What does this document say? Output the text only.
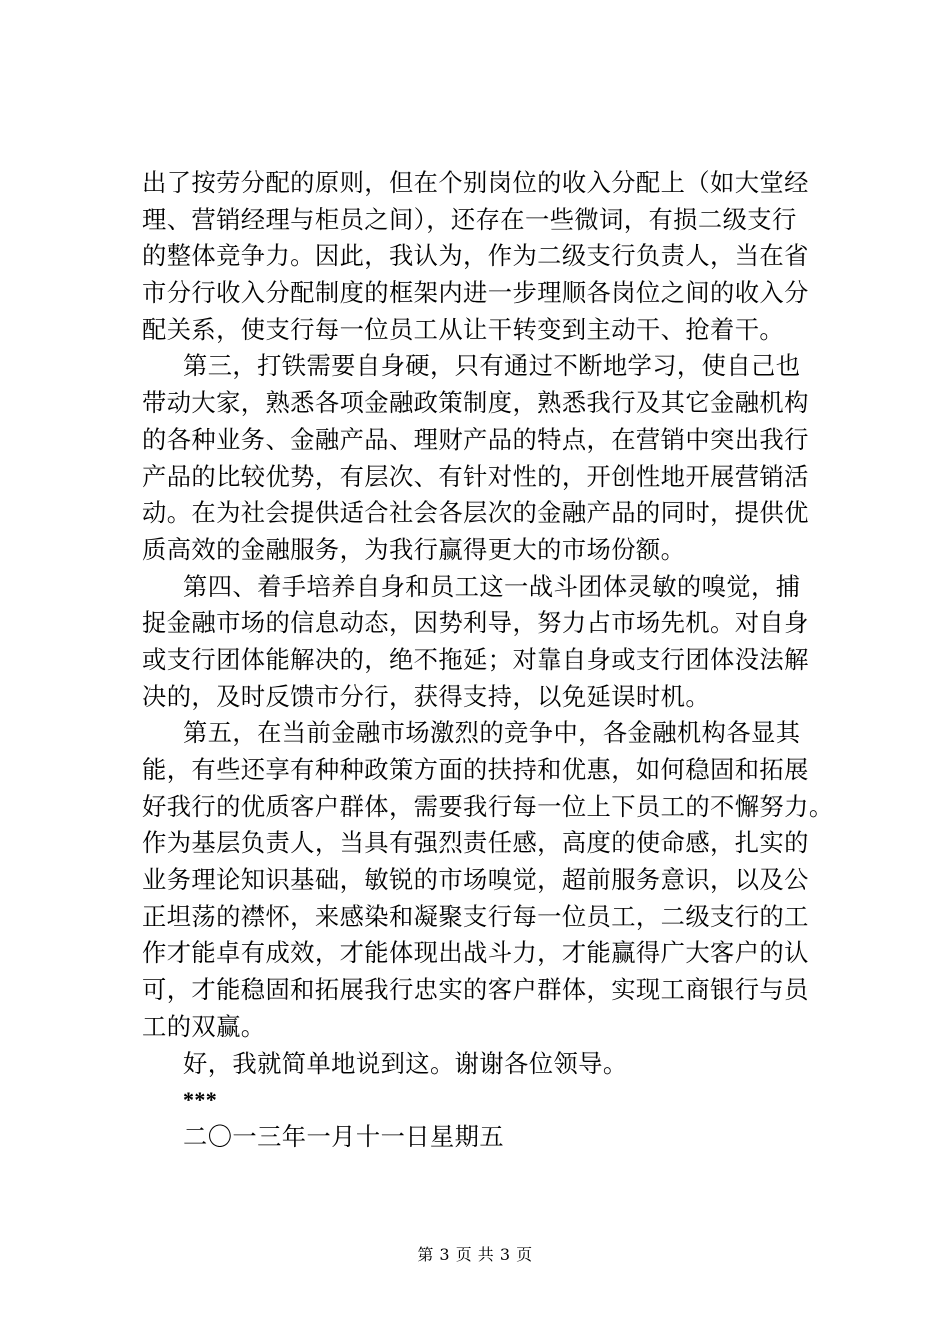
出了按劳分配的原则，但在个别岗位的收入分配上（如大堂经
理、营销经理与柜员之间），还存在一些微词，有损二级支行
的整体竞争力。因此，我认为，作为二级支行负责人，当在省
市分行收入分配制度的框架内进一步理顺各岗位之间的收入分
配关系，使支行每一位员工从让干转变到主动干、抢着干。
第三，打铁需要自身硬，只有通过不断地学习，使自己也
带动大家，熟悉各项金融政策制度，熟悉我行及其它金融机构
的各种业务、金融产品、理财产品的特点，在营销中突出我行
产品的比较优势，有层次、有针对性的，开创性地开展营销活
动。在为社会提供适合社会各层次的金融产品的同时，提供优
质高效的金融服务，为我行赢得更大的市场份额。
第四、着手培养自身和员工这一战斗团体灵敏的嗅觉，捕
捉金融市场的信息动态，因势利导，努力占市场先机。对自身
或支行团体能解决的，绝不拖延；对靠自身或支行团体没法解
决的，及时反馈市分行，获得支持，以免延误时机。
第五，在当前金融市场激烈的竞争中，各金融机构各显其
能，有些还享有种种政策方面的扶持和优惠，如何稳固和拓展
好我行的优质客户群体，需要我行每一位上下员工的不懈努力。
作为基层负责人，当具有强烈责任感，高度的使命感，扎实的
业务理论知识基础，敏锐的市场嗅觉，超前服务意识，以及公
正坦荡的襟怀，来感染和凝聚支行每一位员工，二级支行的工
作才能卓有成效，才能体现出战斗力，才能赢得广大客户的认
可，才能稳固和拓展我行忠实的客户群体，实现工商银行与员
工的双赢。
好，我就简单地说到这。谢谢各位领导。
***
二〇一三年一月十一日星期五
第 3 页 共 3 页
